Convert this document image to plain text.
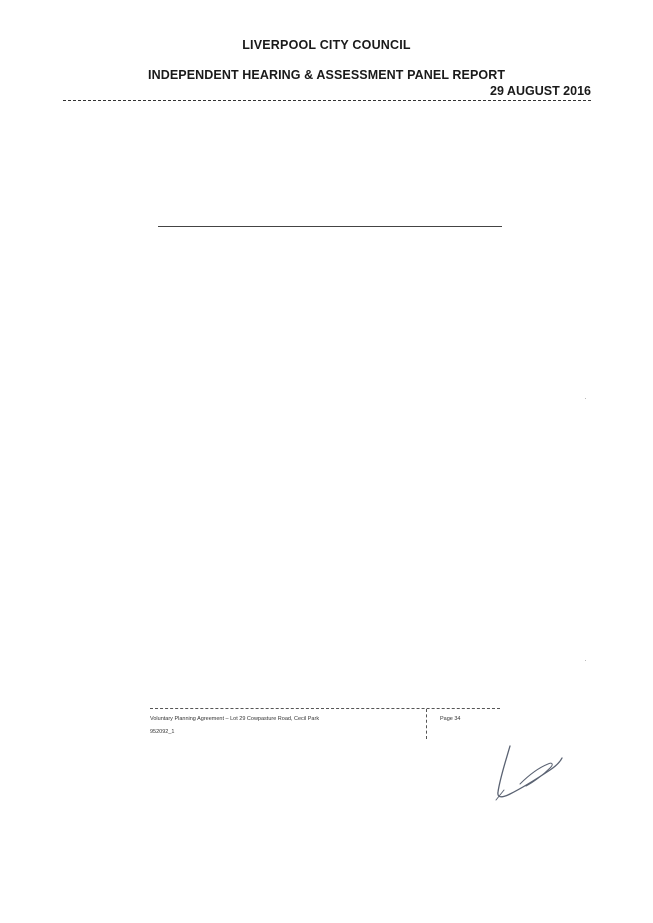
LIVERPOOL CITY COUNCIL
INDEPENDENT HEARING & ASSESSMENT PANEL REPORT
29 AUGUST 2016
Voluntary Planning Agreement – Lot 29 Cowpasture Road, Cecil Park
952092_1
Page 34
